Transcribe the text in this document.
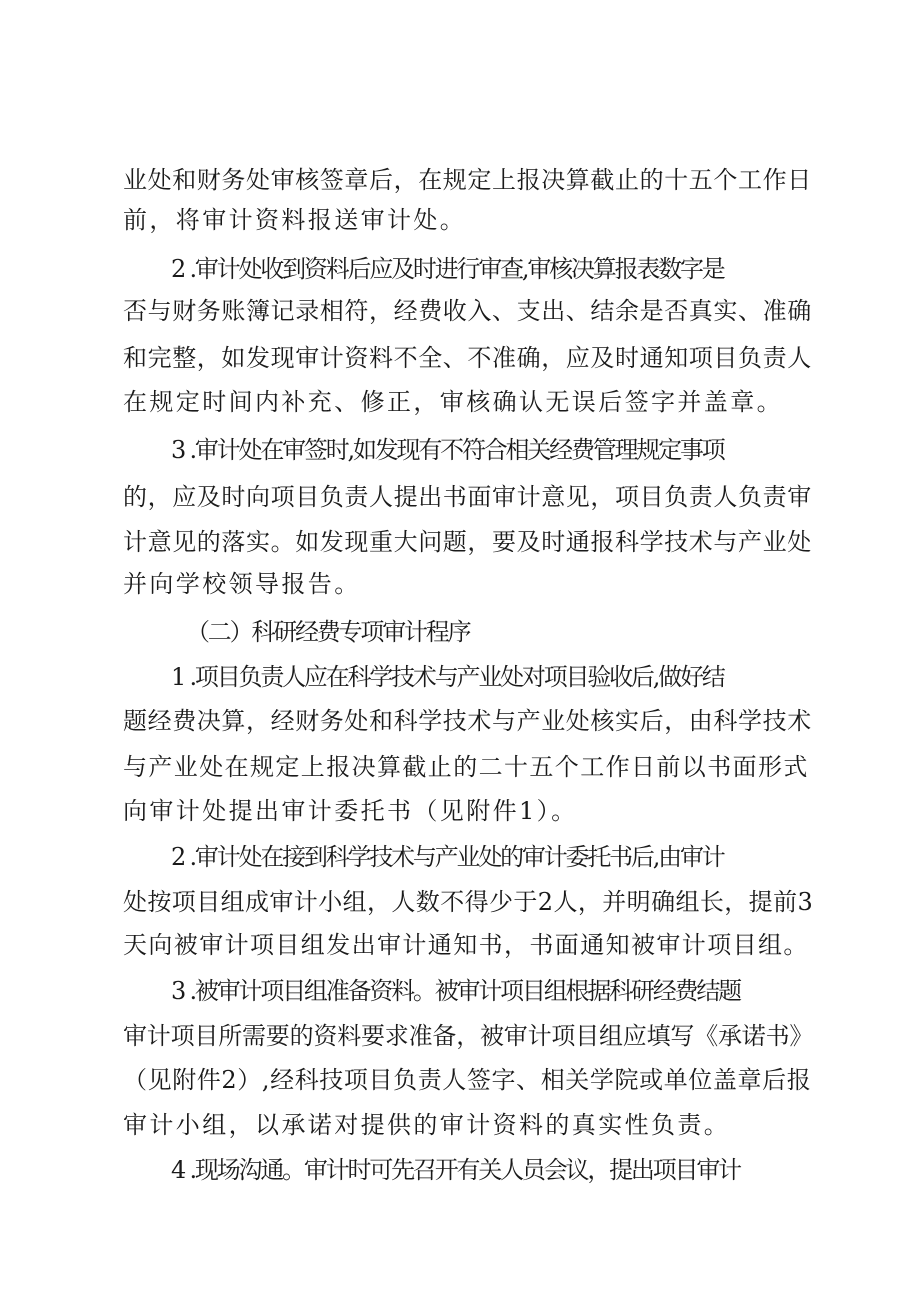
业处和财务处审核签章后，在规定上报决算截止的十五个工作日

前，将审计资料报送审计处。

2 .审计处收到资料后应及时进行审查,审核决算报表数字是

否与财务账簿记录相符，经费收入、支出、结余是否真实、准确

和完整，如发现审计资料不全、不准确，应及时通知项目负责人

在规定时间内补充、修正，审核确认无误后签字并盖章。

3 .审计处在审签时,如发现有不符合相关经费管理规定事项

的，应及时向项目负责人提出书面审计意见，项目负责人负责审

计意见的落实。如发现重大问题，要及时通报科学技术与产业处

并向学校领导报告。

（二）科研经费专项审计程序

1 .项目负责人应在科学技术与产业处对项目验收后,做好结

题经费决算，经财务处和科学技术与产业处核实后，由科学技术

与产业处在规定上报决算截止的二十五个工作日前以书面形式

向审计处提出审计委托书（见附件1）。

2 .审计处在接到科学技术与产业处的审计委托书后,由审计

处按项目组成审计小组，人数不得少于2人，并明确组长，提前3

天向被审计项目组发出审计通知书，书面通知被审计项目组。

3 .被审计项目组准备资料。被审计项目组根据科研经费结题

审计项目所需要的资料要求准备，被审计项目组应填写《承诺书》

（见附件2）,经科技项目负责人签字、相关学院或单位盖章后报

审计小组，以承诺对提供的审计资料的真实性负责。

4 .现场沟通。审计时可先召开有关人员会议，提出项目审计
